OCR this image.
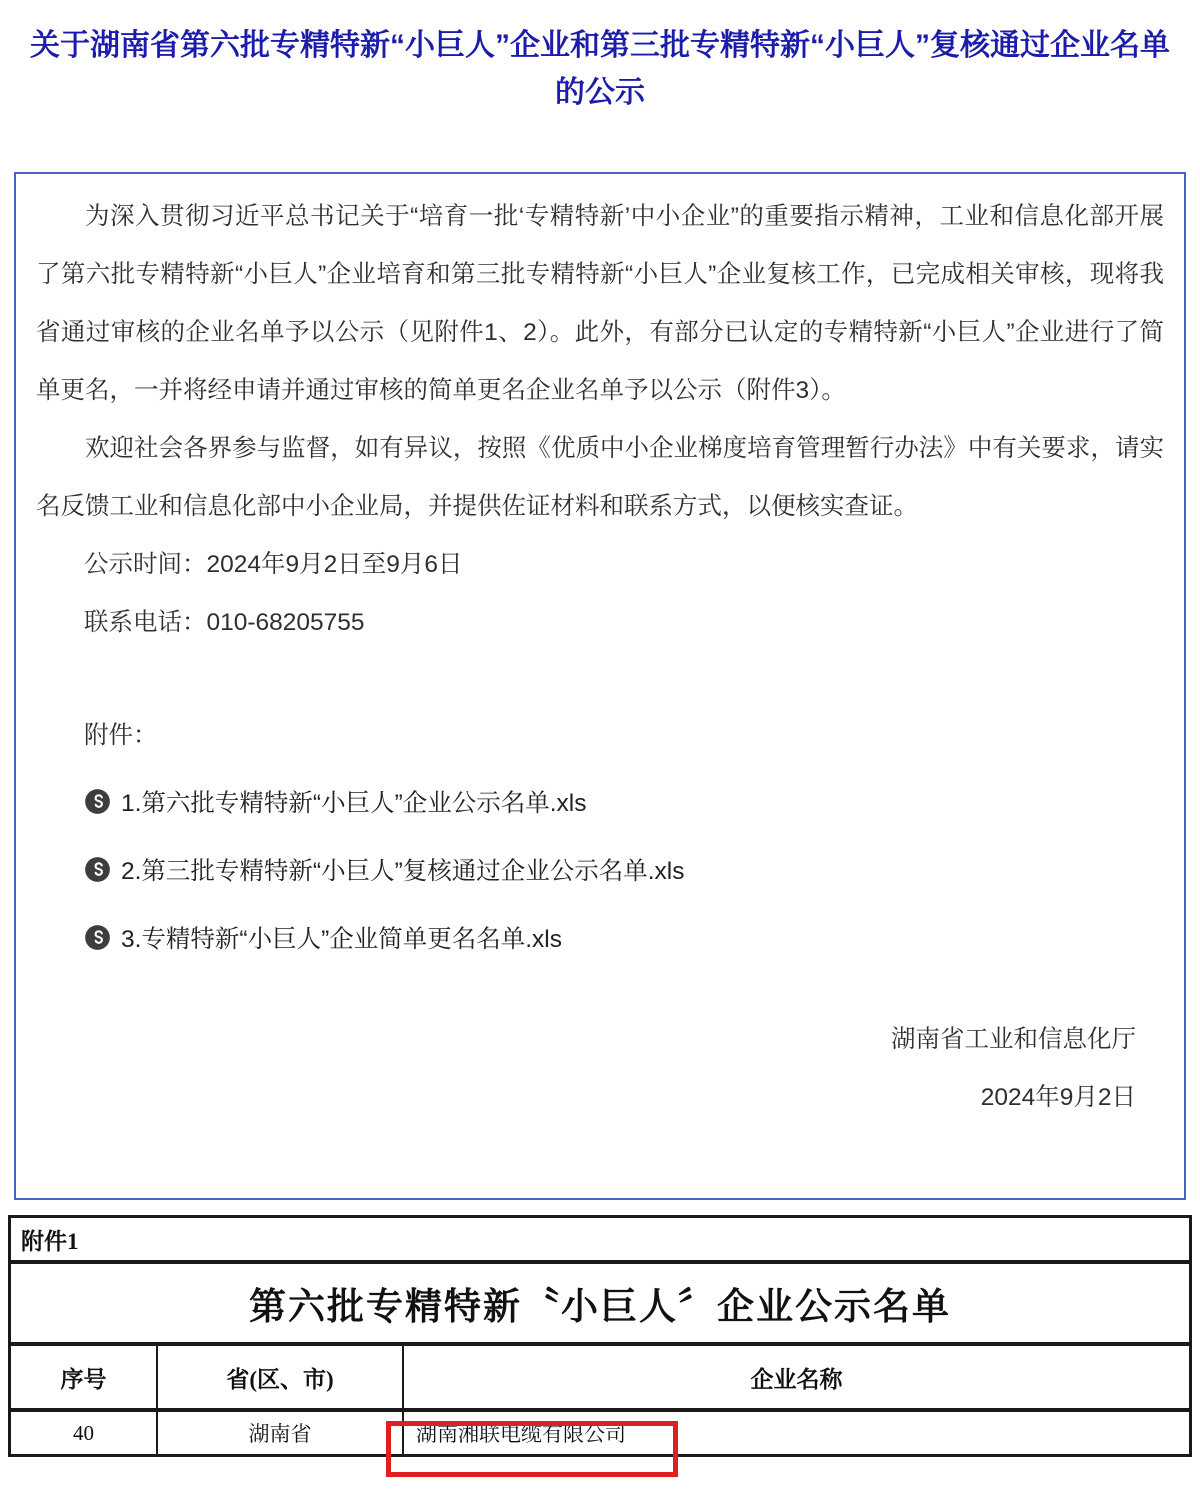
关于湖南省第六批专精特新“小巨人”企业和第三批专精特新“小巨人”复核通过企业名单的公示

为深入贯彻习近平总书记关于“培育一批‘专精特新’中小企业”的重要指示精神，工业和信息化部开展了第六批专精特新“小巨人”企业培育和第三批专精特新“小巨人”企业复核工作，已完成相关审核，现将我省通过审核的企业名单予以公示（见附件1、2）。此外，有部分已认定的专精特新“小巨人”企业进行了简单更名，一并将经申请并通过审核的简单更名企业名单予以公示（附件3）。

欢迎社会各界参与监督，如有异议，按照《优质中小企业梯度培育管理暂行办法》中有关要求，请实名反馈工业和信息化部中小企业局，并提供佐证材料和联系方式，以便核实查证。

公示时间：2024年9月2日至9月6日

联系电话：010-68205755

附件：

1.第六批专精特新“小巨人”企业公示名单.xls
2.第三批专精特新“小巨人”复核通过企业公示名单.xls
3.专精特新“小巨人”企业简单更名名单.xls

湖南省工业和信息化厅

2024年9月2日

附件1
第六批专精特新〝小巨人〞企业公示名单
序号	省(区、市)	企业名称
40	湖南省	湖南湘联电缆有限公司
